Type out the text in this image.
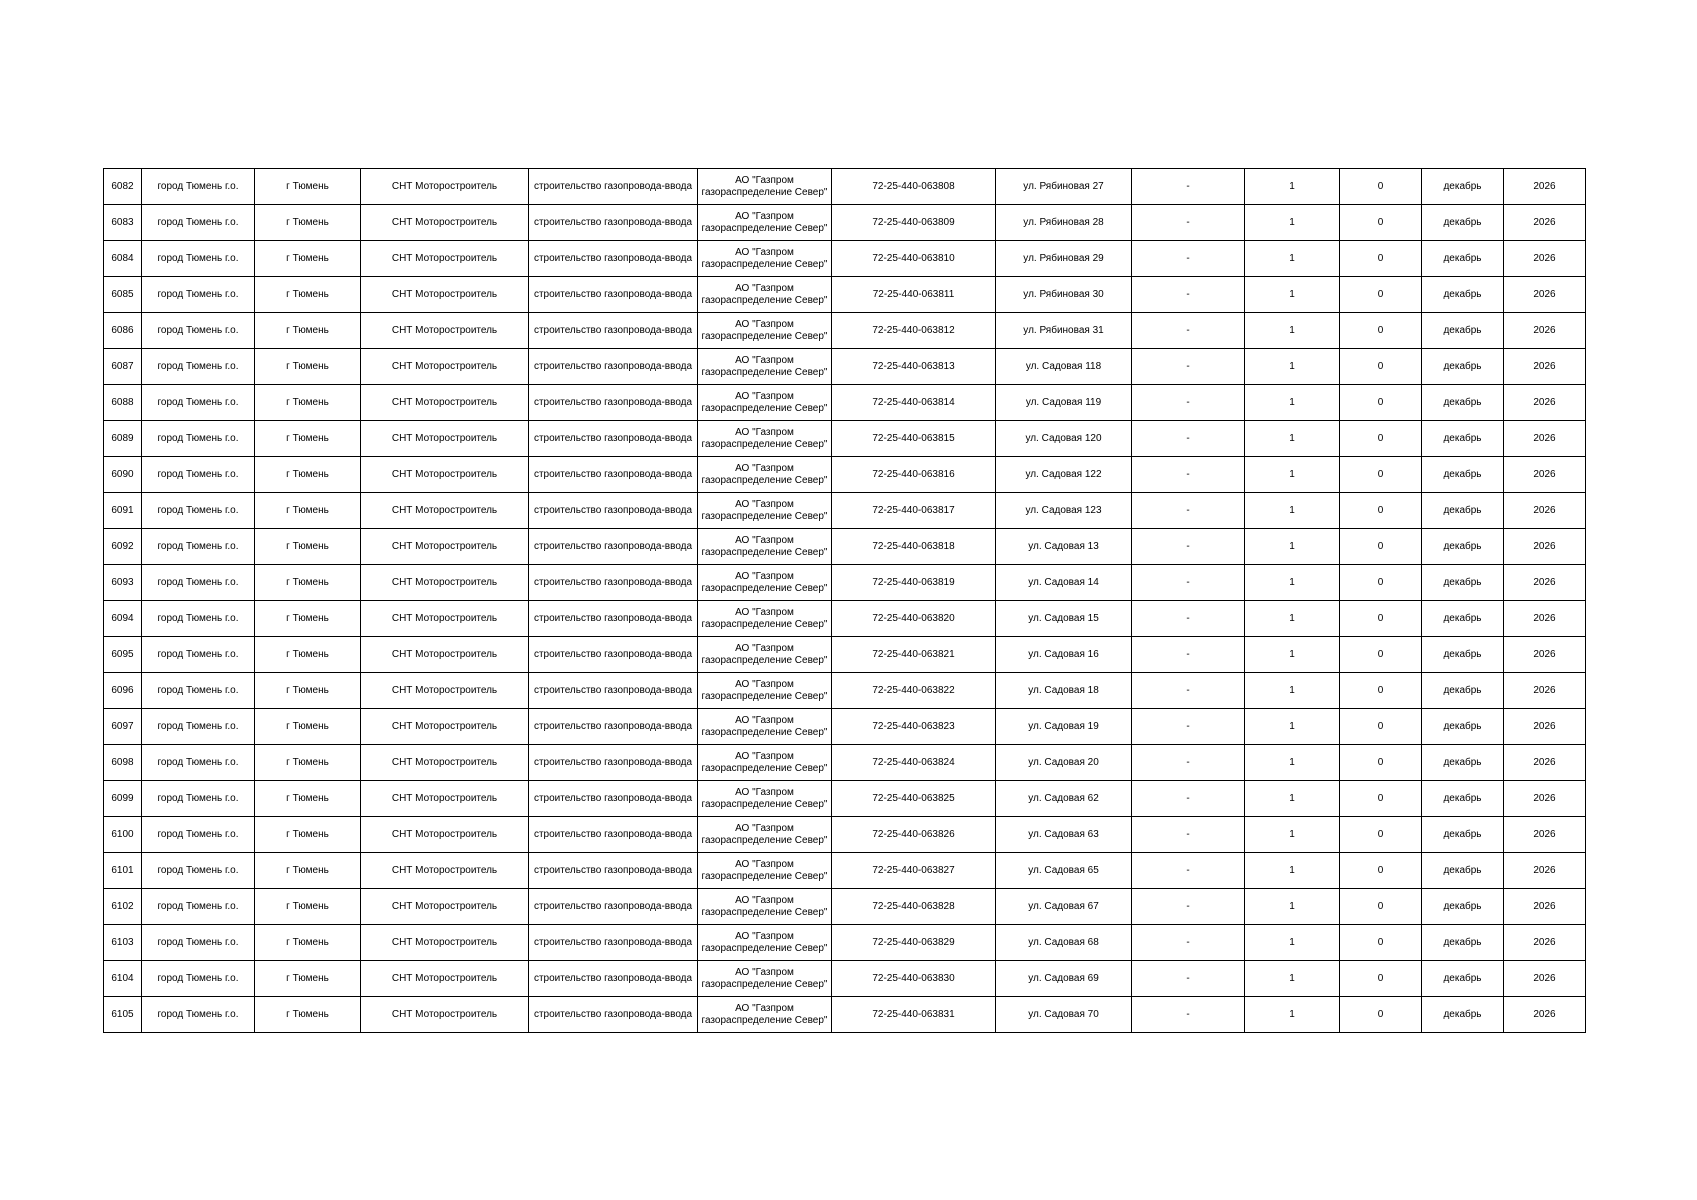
6082	город Тюмень г.о.	г Тюмень	СНТ Моторостроитель	строительство газопровода-ввода	АО "Газпром газораспределение Север"	72-25-440-063808	ул. Рябиновая 27	-	1	0	декабрь	2026
6083	город Тюмень г.о.	г Тюмень	СНТ Моторостроитель	строительство газопровода-ввода	АО "Газпром газораспределение Север"	72-25-440-063809	ул. Рябиновая 28	-	1	0	декабрь	2026
6084	город Тюмень г.о.	г Тюмень	СНТ Моторостроитель	строительство газопровода-ввода	АО "Газпром газораспределение Север"	72-25-440-063810	ул. Рябиновая 29	-	1	0	декабрь	2026
6085	город Тюмень г.о.	г Тюмень	СНТ Моторостроитель	строительство газопровода-ввода	АО "Газпром газораспределение Север"	72-25-440-063811	ул. Рябиновая 30	-	1	0	декабрь	2026
6086	город Тюмень г.о.	г Тюмень	СНТ Моторостроитель	строительство газопровода-ввода	АО "Газпром газораспределение Север"	72-25-440-063812	ул. Рябиновая 31	-	1	0	декабрь	2026
6087	город Тюмень г.о.	г Тюмень	СНТ Моторостроитель	строительство газопровода-ввода	АО "Газпром газораспределение Север"	72-25-440-063813	ул. Садовая 118	-	1	0	декабрь	2026
6088	город Тюмень г.о.	г Тюмень	СНТ Моторостроитель	строительство газопровода-ввода	АО "Газпром газораспределение Север"	72-25-440-063814	ул. Садовая 119	-	1	0	декабрь	2026
6089	город Тюмень г.о.	г Тюмень	СНТ Моторостроитель	строительство газопровода-ввода	АО "Газпром газораспределение Север"	72-25-440-063815	ул. Садовая 120	-	1	0	декабрь	2026
6090	город Тюмень г.о.	г Тюмень	СНТ Моторостроитель	строительство газопровода-ввода	АО "Газпром газораспределение Север"	72-25-440-063816	ул. Садовая 122	-	1	0	декабрь	2026
6091	город Тюмень г.о.	г Тюмень	СНТ Моторостроитель	строительство газопровода-ввода	АО "Газпром газораспределение Север"	72-25-440-063817	ул. Садовая 123	-	1	0	декабрь	2026
6092	город Тюмень г.о.	г Тюмень	СНТ Моторостроитель	строительство газопровода-ввода	АО "Газпром газораспределение Север"	72-25-440-063818	ул. Садовая 13	-	1	0	декабрь	2026
6093	город Тюмень г.о.	г Тюмень	СНТ Моторостроитель	строительство газопровода-ввода	АО "Газпром газораспределение Север"	72-25-440-063819	ул. Садовая 14	-	1	0	декабрь	2026
6094	город Тюмень г.о.	г Тюмень	СНТ Моторостроитель	строительство газопровода-ввода	АО "Газпром газораспределение Север"	72-25-440-063820	ул. Садовая 15	-	1	0	декабрь	2026
6095	город Тюмень г.о.	г Тюмень	СНТ Моторостроитель	строительство газопровода-ввода	АО "Газпром газораспределение Север"	72-25-440-063821	ул. Садовая 16	-	1	0	декабрь	2026
6096	город Тюмень г.о.	г Тюмень	СНТ Моторостроитель	строительство газопровода-ввода	АО "Газпром газораспределение Север"	72-25-440-063822	ул. Садовая 18	-	1	0	декабрь	2026
6097	город Тюмень г.о.	г Тюмень	СНТ Моторостроитель	строительство газопровода-ввода	АО "Газпром газораспределение Север"	72-25-440-063823	ул. Садовая 19	-	1	0	декабрь	2026
6098	город Тюмень г.о.	г Тюмень	СНТ Моторостроитель	строительство газопровода-ввода	АО "Газпром газораспределение Север"	72-25-440-063824	ул. Садовая 20	-	1	0	декабрь	2026
6099	город Тюмень г.о.	г Тюмень	СНТ Моторостроитель	строительство газопровода-ввода	АО "Газпром газораспределение Север"	72-25-440-063825	ул. Садовая 62	-	1	0	декабрь	2026
6100	город Тюмень г.о.	г Тюмень	СНТ Моторостроитель	строительство газопровода-ввода	АО "Газпром газораспределение Север"	72-25-440-063826	ул. Садовая 63	-	1	0	декабрь	2026
6101	город Тюмень г.о.	г Тюмень	СНТ Моторостроитель	строительство газопровода-ввода	АО "Газпром газораспределение Север"	72-25-440-063827	ул. Садовая 65	-	1	0	декабрь	2026
6102	город Тюмень г.о.	г Тюмень	СНТ Моторостроитель	строительство газопровода-ввода	АО "Газпром газораспределение Север"	72-25-440-063828	ул. Садовая 67	-	1	0	декабрь	2026
6103	город Тюмень г.о.	г Тюмень	СНТ Моторостроитель	строительство газопровода-ввода	АО "Газпром газораспределение Север"	72-25-440-063829	ул. Садовая 68	-	1	0	декабрь	2026
6104	город Тюмень г.о.	г Тюмень	СНТ Моторостроитель	строительство газопровода-ввода	АО "Газпром газораспределение Север"	72-25-440-063830	ул. Садовая 69	-	1	0	декабрь	2026
6105	город Тюмень г.о.	г Тюмень	СНТ Моторостроитель	строительство газопровода-ввода	АО "Газпром газораспределение Север"	72-25-440-063831	ул. Садовая 70	-	1	0	декабрь	2026
